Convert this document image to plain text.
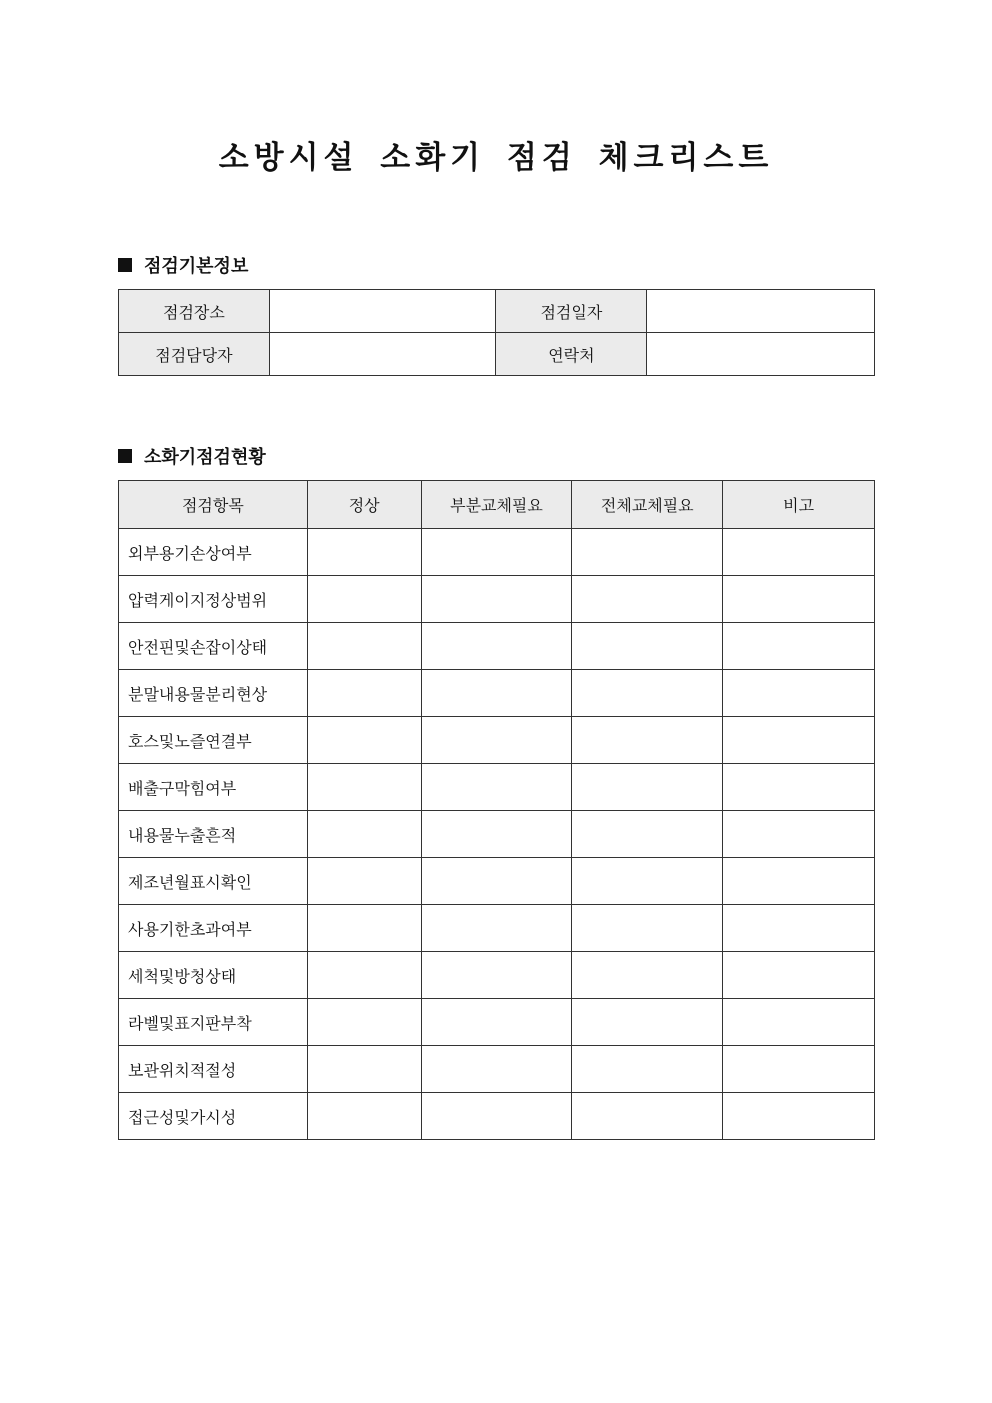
소방시설 소화기 점검 체크리스트
점검기본정보
점검장소		점검일자	
점검담당자		연락처	
소화기점검현황
점검항목	정상	부분교체필요	전체교체필요	비고
외부용기손상여부				
압력게이지정상범위				
안전핀및손잡이상태				
분말내용물분리현상				
호스및노즐연결부				
배출구막힘여부				
내용물누출흔적				
제조년월표시확인				
사용기한초과여부				
세척및방청상태				
라벨및표지판부착				
보관위치적절성				
접근성및가시성				
